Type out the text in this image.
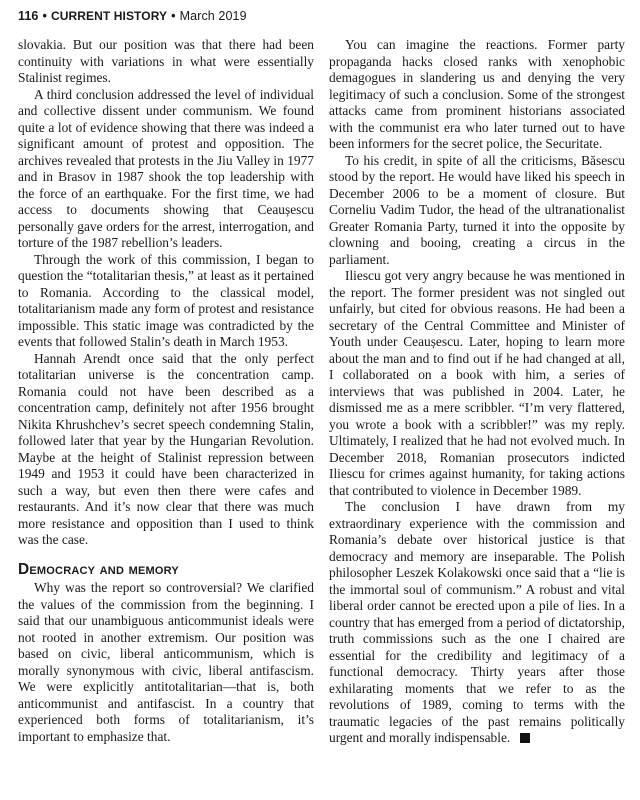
116 • CURRENT HISTORY • March 2019

slovakia. But our position was that there had been continuity with variations in what were essentially Stalinist regimes.

A third conclusion addressed the level of individual and collective dissent under communism. We found quite a lot of evidence showing that there was indeed a significant amount of protest and opposition. The archives revealed that protests in the Jiu Valley in 1977 and in Brasov in 1987 shook the top leadership with the force of an earthquake. For the first time, we had access to documents showing that Ceaușescu personally gave orders for the arrest, interrogation, and torture of the 1987 rebellion’s leaders.

Through the work of this commission, I began to question the “totalitarian thesis,” at least as it pertained to Romania. According to the classical model, totalitarianism made any form of protest and resistance impossible. This static image was contradicted by the events that followed Stalin’s death in March 1953.

Hannah Arendt once said that the only perfect totalitarian universe is the concentration camp. Romania could not have been described as a concentration camp, definitely not after 1956 brought Nikita Khrushchev’s secret speech condemning Stalin, followed later that year by the Hungarian Revolution. Maybe at the height of Stalinist repression between 1949 and 1953 it could have been characterized in such a way, but even then there were cafes and restaurants. And it’s now clear that there was much more resistance and opposition than I used to think was the case.

Democracy and memory

Why was the report so controversial? We clarified the values of the commission from the beginning. I said that our unambiguous anticommunist ideals were not rooted in another extremism. Our position was based on civic, liberal anticommunism, which is morally synonymous with civic, liberal antifascism. We were explicitly antitotalitarian—that is, both anticommunist and antifascist. In a country that experienced both forms of totalitarianism, it’s important to emphasize that.

You can imagine the reactions. Former party propaganda hacks closed ranks with xenophobic demagogues in slandering us and denying the very legitimacy of such a conclusion. Some of the strongest attacks came from prominent historians associated with the communist era who later turned out to have been informers for the secret police, the Securitate.

To his credit, in spite of all the criticisms, Băsescu stood by the report. He would have liked his speech in December 2006 to be a moment of closure. But Corneliu Vadim Tudor, the head of the ultranationalist Greater Romania Party, turned it into the opposite by clowning and booing, creating a circus in the parliament.

Iliescu got very angry because he was mentioned in the report. The former president was not singled out unfairly, but cited for obvious reasons. He had been a secretary of the Central Committee and Minister of Youth under Ceaușescu. Later, hoping to learn more about the man and to find out if he had changed at all, I collaborated on a book with him, a series of interviews that was published in 2004. Later, he dismissed me as a mere scribbler. “I’m very flattered, you wrote a book with a scribbler!” was my reply. Ultimately, I realized that he had not evolved much. In December 2018, Romanian prosecutors indicted Iliescu for crimes against humanity, for taking actions that contributed to violence in December 1989.

The conclusion I have drawn from my extraordinary experience with the commission and Romania’s debate over historical justice is that democracy and memory are inseparable. The Polish philosopher Leszek Kolakowski once said that a “lie is the immortal soul of communism.” A robust and vital liberal order cannot be erected upon a pile of lies. In a country that has emerged from a period of dictatorship, truth commissions such as the one I chaired are essential for the credibility and legitimacy of a functional democracy. Thirty years after those exhilarating moments that we refer to as the revolutions of 1989, coming to terms with the traumatic legacies of the past remains politically urgent and morally indispensable.
